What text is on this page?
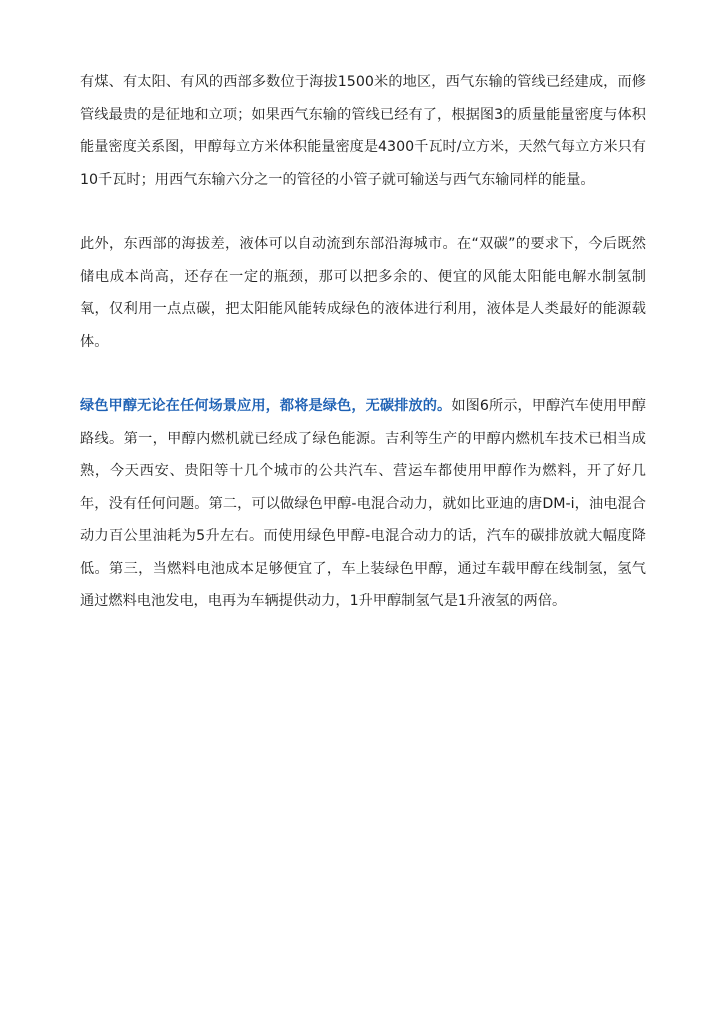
有煤、有太阳、有风的西部多数位于海拔1500米的地区，西气东输的管线已经建成，而修管线最贵的是征地和立项；如果西气东输的管线已经有了，根据图3的质量能量密度与体积能量密度关系图，甲醇每立方米体积能量密度是4300千瓦时/立方米，天然气每立方米只有10千瓦时；用西气东输六分之一的管径的小管子就可输送与西气东输同样的能量。

此外，东西部的海拔差，液体可以自动流到东部沿海城市。在“双碳”的要求下，今后既然储电成本尚高，还存在一定的瓶颈，那可以把多余的、便宜的风能太阳能电解水制氢制氧，仅利用一点点碳，把太阳能风能转成绿色的液体进行利用，液体是人类最好的能源载体。

绿色甲醇无论在任何场景应用，都将是绿色，无碳排放的。如图6所示，甲醇汽车使用甲醇路线。第一，甲醇内燃机就已经成了绿色能源。吉利等生产的甲醇内燃机车技术已相当成熟，今天西安、贵阳等十几个城市的公共汽车、营运车都使用甲醇作为燃料，开了好几年，没有任何问题。第二，可以做绿色甲醇-电混合动力，就如比亚迪的唐DM-i，油电混合动力百公里油耗为5升左右。而使用绿色甲醇-电混合动力的话，汽车的碳排放就大幅度降低。第三，当燃料电池成本足够便宜了，车上装绿色甲醇，通过车载甲醇在线制氢，氢气通过燃料电池发电，电再为车辆提供动力，1升甲醇制氢气是1升液氢的两倍。
